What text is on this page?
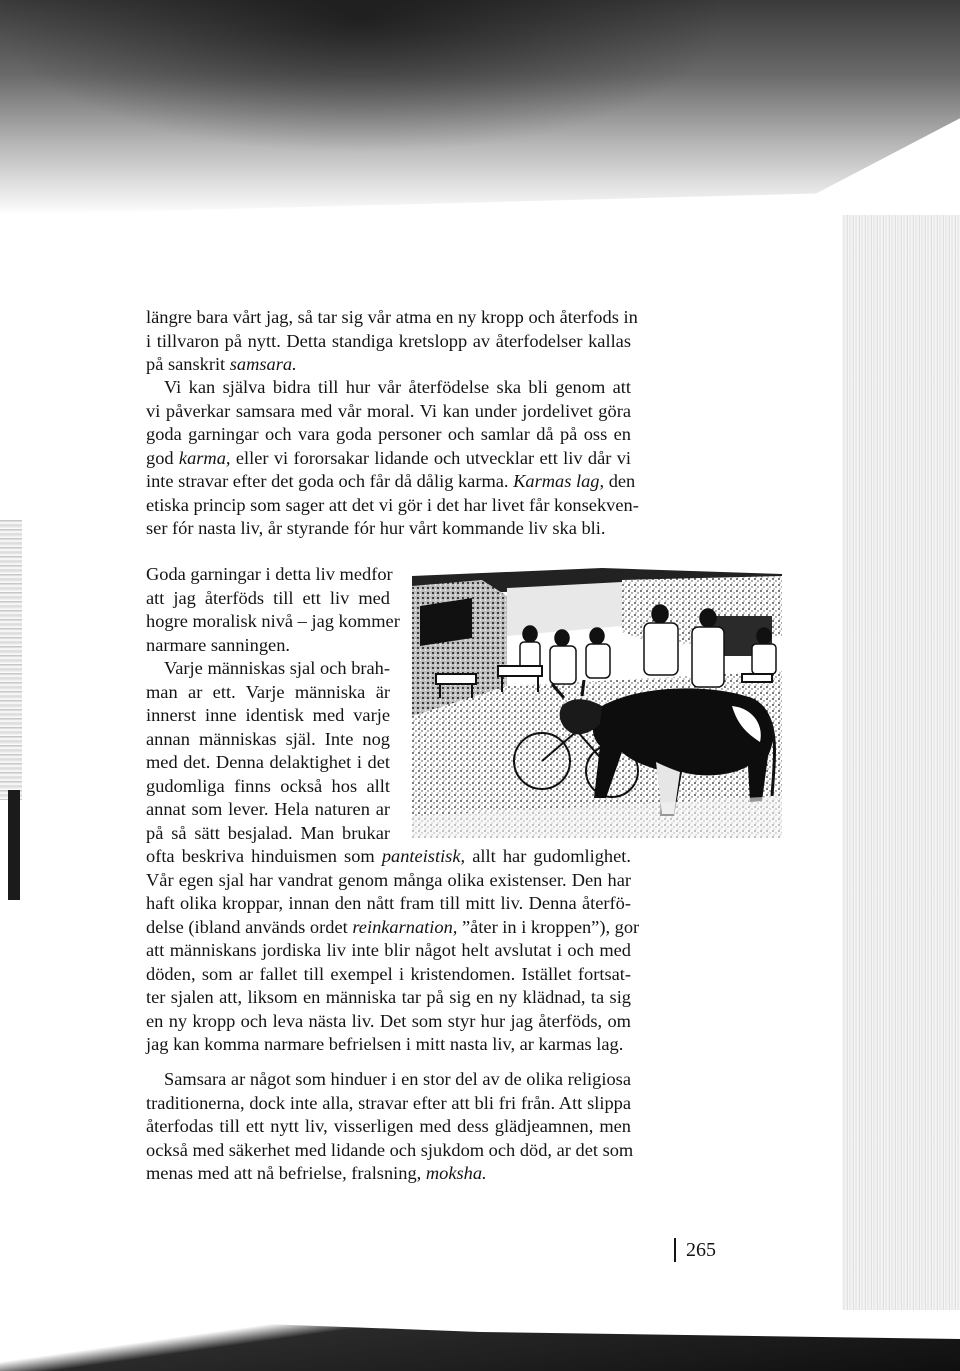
längre bara vårt jag, så tar sig vår atma en ny kropp och återfods in
i tillvaron på nytt. Detta standiga kretslopp av återfodelser kallas
på sanskrit samsara.
Vi kan själva bidra till hur vår återfödelse ska bli genom att
vi påverkar samsara med vår moral. Vi kan under jordelivet göra
goda garningar och vara goda personer och samlar då på oss en
god karma, eller vi fororsakar lidande och utvecklar ett liv dår vi
inte stravar efter det goda och får då dålig karma. Karmas lag, den
etiska princip som sager att det vi gör i det har livet får konsekven-
ser fór nasta liv, år styrande fór hur vårt kommande liv ska bli.
Goda garningar i detta liv medfor
att jag återföds till ett liv med
hogre moralisk nivå – jag kommer
narmare sanningen.
Varje människas sjal och brah-
man ar ett. Varje människa är
innerst inne identisk med varje
annan människas själ. Inte nog
med det. Denna delaktighet i det
gudomliga finns också hos allt
annat som lever. Hela naturen ar
på så sätt besjalad. Man brukar
ofta beskriva hinduismen som panteistisk, allt har gudomlighet.
Vår egen sjal har vandrat genom många olika existenser. Den har
haft olika kroppar, innan den nått fram till mitt liv. Denna återfö-
delse (ibland används ordet reinkarnation, ”åter in i kroppen”), gor
att människans jordiska liv inte blir något helt avslutat i och med
döden, som ar fallet till exempel i kristendomen. Istället fortsat-
ter sjalen att, liksom en människa tar på sig en ny klädnad, ta sig
en ny kropp och leva nästa liv. Det som styr hur jag återföds, om
jag kan komma narmare befrielsen i mitt nasta liv, ar karmas lag.
Samsara ar något som hinduer i en stor del av de olika religiosa
traditionerna, dock inte alla, stravar efter att bli fri från. Att slippa
återfodas till ett nytt liv, visserligen med dess glädjeamnen, men
också med säkerhet med lidande och sjukdom och död, ar det som
menas med att nå befrielse, fralsning, moksha.
265
